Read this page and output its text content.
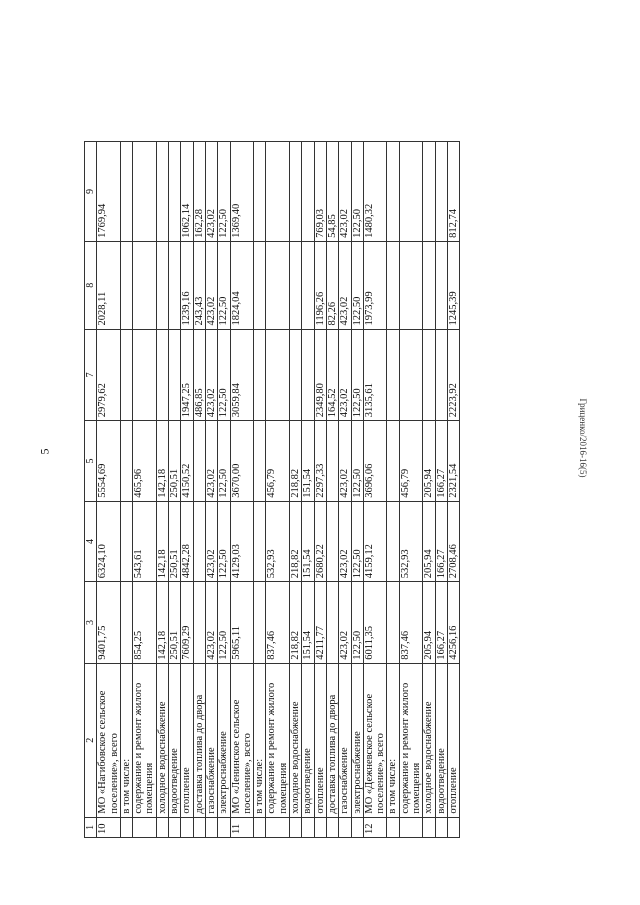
5	Гриценко/2016-16(5)
1	2	3	4	5	7	8	9
10	МО «Нагибовское сельское поселение», всего	9401,75	6324,10	5554,69	2979,62	2028,11	1769,94
	в том числе:						
	содержание и ремонт жилого помещения	854,25	543,61	465,96			
	холодное водоснабжение	142,18	142,18	142,18			
	водоотведение	250,51	250,51	250,51			
	отопление	7609,29	4842,28	4150,52	1947,25	1239,16	1062,14
	доставка топлива до двора				486,85	243,43	162,28
	газоснабжение	423,02	423,02	423,02	423,02	423,02	423,02
	электроснабжение	122,50	122,50	122,50	122,50	122,50	122,50
11	МО «Ленинское сельское поселение», всего	5965,11	4129,03	3670,00	3059,84	1824,04	1369,40
	в том числе:						
	содержание и ремонт жилого помещения	837,46	532,93	456,79			
	холодное водоснабжение	218,82	218,82	218,82			
	водоотведение	151,54	151,54	151,54			
	отопление	4211,77	2680,22	2297,33	2349,80	1196,26	769,03
	доставка топлива до двора				164,52	82,26	54,85
	газоснабжение	423,02	423,02	423,02	423,02	423,02	423,02
	электроснабжение	122,50	122,50	122,50	122,50	122,50	122,50
12	МО «Дежневское сельское поселение», всего	6011,35	4159,12	3696,06	3135,61	1973,99	1480,32
	в том числе:						
	содержание и ремонт жилого помещения	837,46	532,93	456,79			
	холодное водоснабжение	205,94	205,94	205,94			
	водоотведение	166,27	166,27	166,27			
	отопление	4256,16	2708,46	2321,54	2223,92	1245,39	812,74
